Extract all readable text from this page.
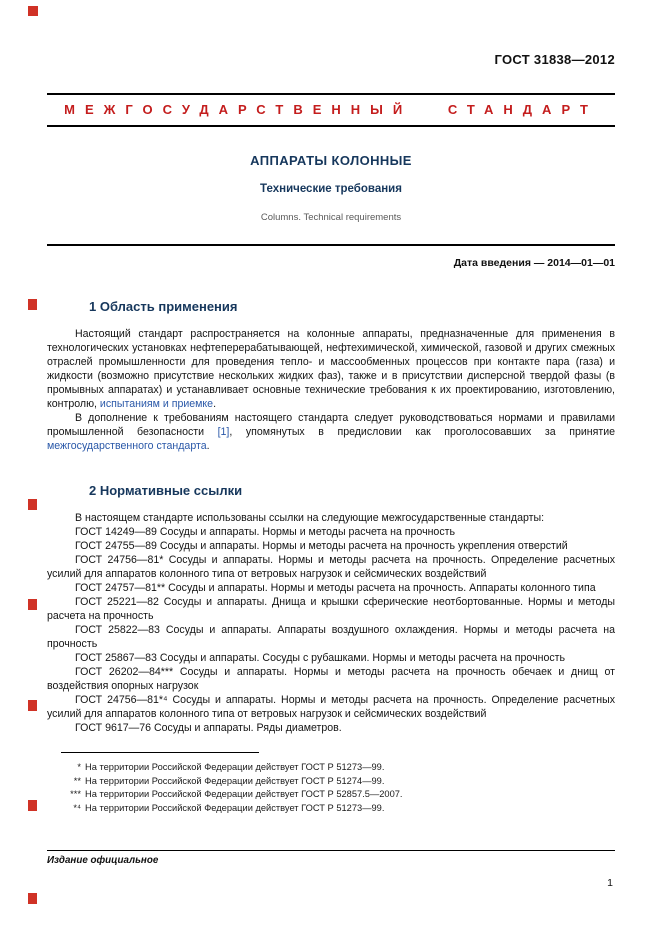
ГОСТ 31838—2012
МЕЖГОСУДАРСТВЕННЫЙ СТАНДАРТ
АППАРАТЫ КОЛОННЫЕ
Технические требования
Columns. Technical requirements
Дата введения — 2014—01—01
1 Область применения

Настоящий стандарт распространяется на колонные аппараты, предназначенные для применения в технологических установках нефтеперерабатывающей, нефтехимической, химической, газовой и других смежных отраслей промышленности для проведения тепло- и массообменных процессов при контакте пара (газа) и жидкости (возможно присутствие нескольких жидких фаз), также и в присутствии дисперсной твердой фазы (в промывных аппаратах) и устанавливает основные технические требования к их проектированию, изготовлению, контролю, испытаниям и приемке.

В дополнение к требованиям настоящего стандарта следует руководствоваться нормами и правилами промышленной безопасности [1], упомянутых в предисловии как проголосовавших за принятие межгосударственного стандарта.

2 Нормативные ссылки

В настоящем стандарте использованы ссылки на следующие межгосударственные стандарты:

ГОСТ 14249—89 Сосуды и аппараты. Нормы и методы расчета на прочность

ГОСТ 24755—89 Сосуды и аппараты. Нормы и методы расчета на прочность укрепления отверстий

ГОСТ 24756—81* Сосуды и аппараты. Нормы и методы расчета на прочность. Определение расчетных усилий для аппаратов колонного типа от ветровых нагрузок и сейсмических воздействий

ГОСТ 24757—81** Сосуды и аппараты. Нормы и методы расчета на прочность. Аппараты колонного типа

ГОСТ 25221—82 Сосуды и аппараты. Днища и крышки сферические неотбортованные. Нормы и методы расчета на прочность

ГОСТ 25822—83 Сосуды и аппараты. Аппараты воздушного охлаждения. Нормы и методы расчета на прочность

ГОСТ 25867—83 Сосуды и аппараты. Сосуды с рубашками. Нормы и методы расчета на прочность

ГОСТ 26202—84*** Сосуды и аппараты. Нормы и методы расчета на прочность обечаек и днищ от воздействия опорных нагрузок

ГОСТ 24756—81*⁴ Сосуды и аппараты. Нормы и методы расчета на прочность. Определение расчетных усилий для аппаратов колонного типа от ветровых нагрузок и сейсмических воздействий

ГОСТ 9617—76 Сосуды и аппараты. Ряды диаметров.

* На территории Российской Федерации действует ГОСТ Р 51273—99.
** На территории Российской Федерации действует ГОСТ Р 51274—99.
*** На территории Российской Федерации действует ГОСТ Р 52857.5—2007.
*⁴ На территории Российской Федерации действует ГОСТ Р 51273—99.
Издание официальное
1
